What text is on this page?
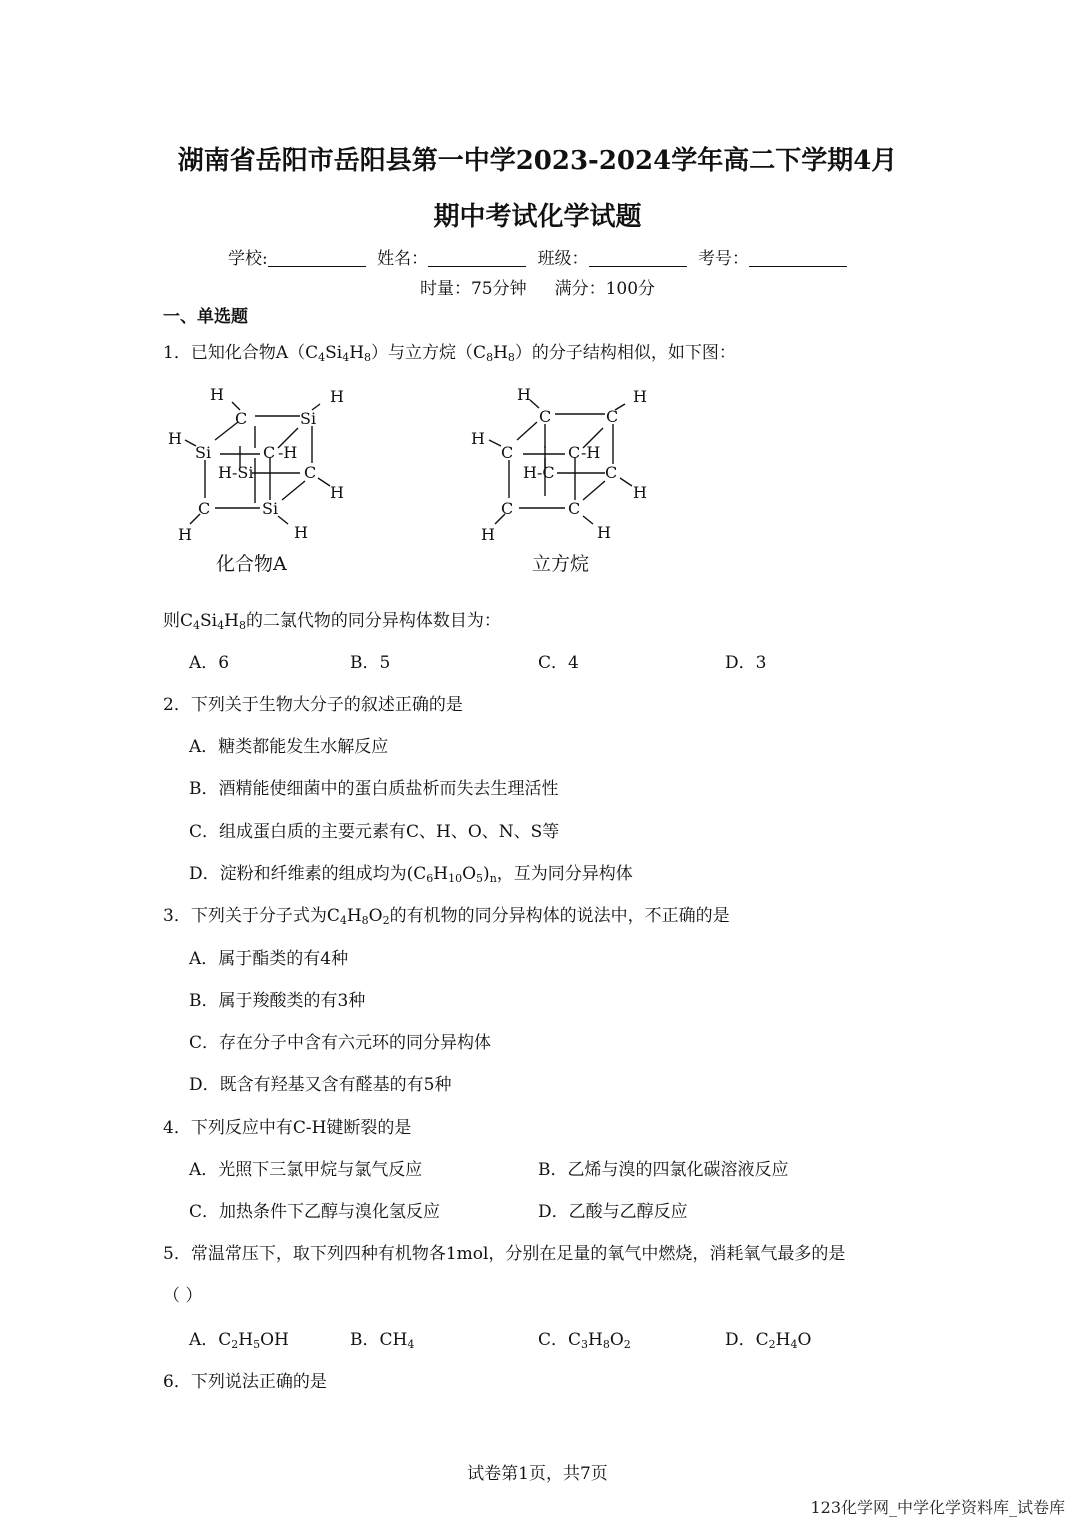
湖南省岳阳市岳阳县第一中学2023-2024学年高二下学期4月
期中考试化学试题
学校:	姓名：	班级：	考号：
时量：75分钟 满分：100分
一、单选题
1．已知化合物$A(C_4Si_4H_8)$与立方烷$(C_8H_8)$的分子结构相似，如下图：
H
C	Si
H
H
Si	C -H
H-Si	C
H
C	Si
H	H
化合物A
H
C	C
H
H
C	C -H
H-C	C
H
C	C
H	H
立方烷
则$C_4Si_4H_8$的二氯代物的同分异构体数目为：
A．6	B．5	C．4	D．3
2．下列关于生物大分子的叙述正确的是
A．糖类都能发生水解反应
B．酒精能使细菌中的蛋白质盐析而失去生理活性
C．组成蛋白质的主要元素有C、H、O、N、S等
D．淀粉和纤维素的组成均为$(C_6H_{10}O_5)_n$，互为同分异构体
3．下列关于分子式为$C_4H_8O_2$的有机物的同分异构体的说法中，不正确的是
A．属于酯类的有4种
B．属于羧酸类的有3种
C．存在分子中含有六元环的同分异构体
D．既含有羟基又含有醛基的有5种
4．下列反应中有C-H键断裂的是
A．光照下三氯甲烷与氯气反应	B．乙烯与溴的四氯化碳溶液反应
C．加热条件下乙醇与溴化氢反应	D．乙酸与乙醇反应
5．常温常压下，取下列四种有机物各1mol，分别在足量的氧气中燃烧，消耗氧气最多的是
（ ）
A．$C_2H_5OH$	B．$CH_4$	C．$C_3H_8O_2$	D．$C_2H_4O$
6．下列说法正确的是
试卷第1页，共7页
123化学网_中学化学资料库_试卷库
